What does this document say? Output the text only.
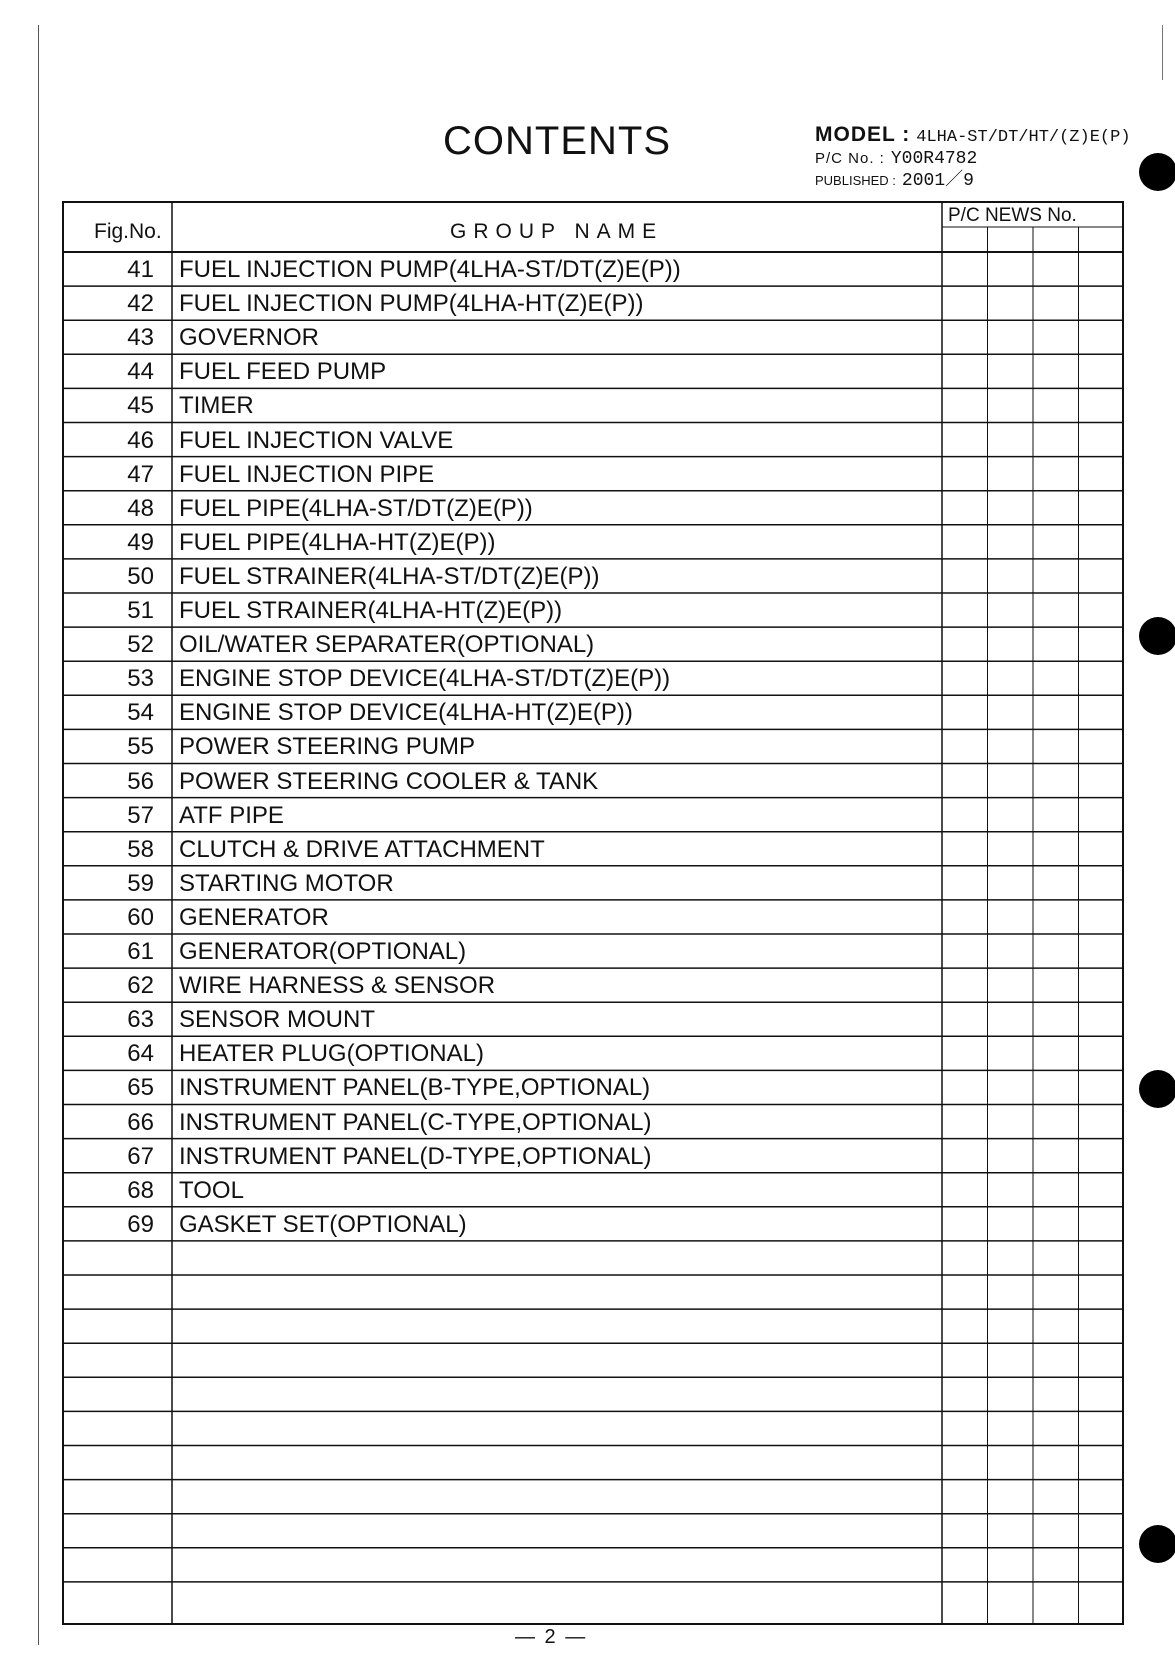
CONTENTS	MODEL : 4LHA-ST/DT/HT/(Z)E(P)
P/C No. : Y00R4782
PUBLISHED : 2001／9
Fig.No.	GROUP NAME
P/C NEWS No.
41 FUEL INJECTION PUMP(4LHA-ST/DT(Z)E(P))
42 FUEL INJECTION PUMP(4LHA-HT(Z)E(P))
43 GOVERNOR
44 FUEL FEED PUMP
45 TIMER
46 FUEL INJECTION VALVE
47 FUEL INJECTION PIPE
48 FUEL PIPE(4LHA-ST/DT(Z)E(P))
49 FUEL PIPE(4LHA-HT(Z)E(P))
50 FUEL STRAINER(4LHA-ST/DT(Z)E(P))
51 FUEL STRAINER(4LHA-HT(Z)E(P))
52 OIL/WATER SEPARATER(OPTIONAL)
53 ENGINE STOP DEVICE(4LHA-ST/DT(Z)E(P))
54 ENGINE STOP DEVICE(4LHA-HT(Z)E(P))
55 POWER STEERING PUMP
56 POWER STEERING COOLER & TANK
57 ATF PIPE
58 CLUTCH & DRIVE ATTACHMENT
59 STARTING MOTOR
60 GENERATOR
61 GENERATOR(OPTIONAL)
62 WIRE HARNESS & SENSOR
63 SENSOR MOUNT
64 HEATER PLUG(OPTIONAL)
65 INSTRUMENT PANEL(B-TYPE,OPTIONAL)
66 INSTRUMENT PANEL(C-TYPE,OPTIONAL)
67 INSTRUMENT PANEL(D-TYPE,OPTIONAL)
68 TOOL
69 GASKET SET(OPTIONAL)
— 2 —
